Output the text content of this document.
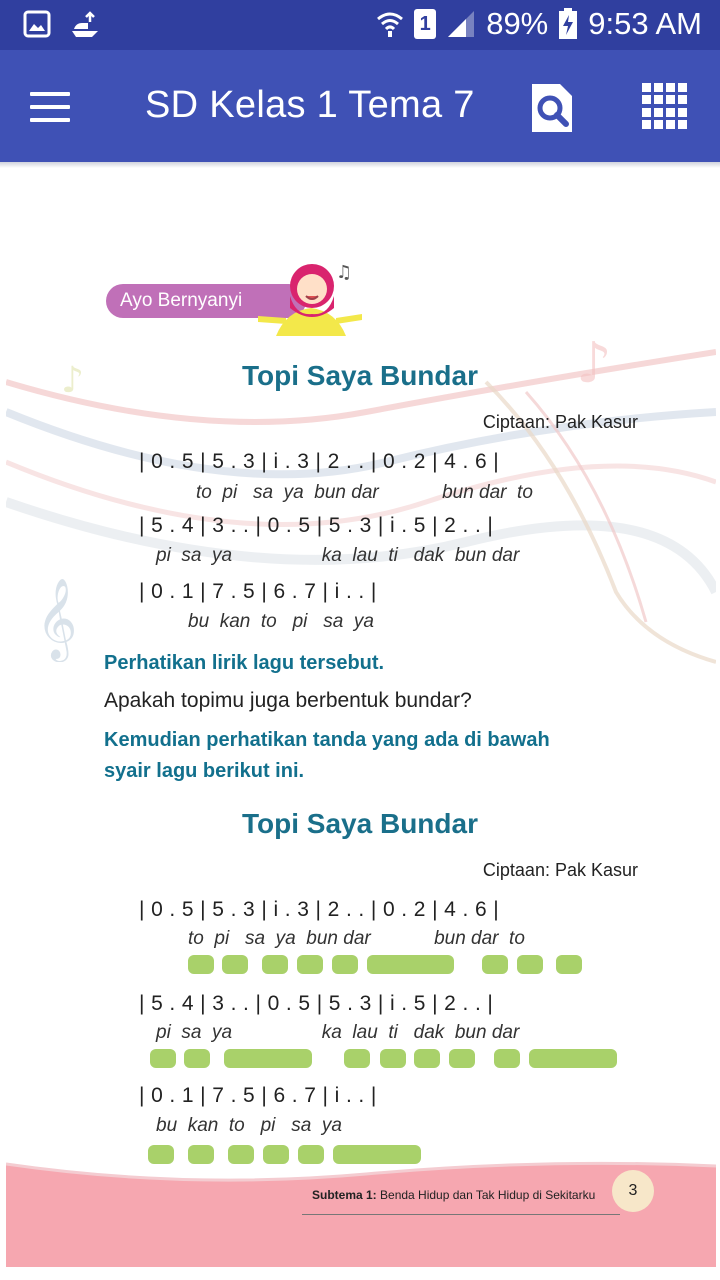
1 89% 9:53 AM
SD Kelas 1 Tema 7
𝄞
♪
♪
Ayo Bernyanyi
♫
Topi Saya Bundar
Ciptaan: Pak Kasur
| 0 . 5 | 5 . 3 | i . 3 | 2 . . | 0 . 2 | 4 . 6 |
to  pi   sa  ya  bun dar            bun dar  to
| 5 . 4 | 3 . . | 0 . 5 | 5 . 3 | i . 5 | 2 . . |
pi  sa  ya                 ka  lau  ti   dak  bun dar
| 0 . 1 | 7 . 5 | 6 . 7 | i . . |
bu  kan  to   pi   sa  ya
Perhatikan lirik lagu tersebut.
Apakah topimu juga berbentuk bundar?
Kemudian perhatikan tanda yang ada di bawah
syair lagu berikut ini.
Topi Saya Bundar
Ciptaan: Pak Kasur
| 0 . 5 | 5 . 3 | i . 3 | 2 . . | 0 . 2 | 4 . 6 |
to  pi   sa  ya  bun dar            bun dar  to
| 5 . 4 | 3 . . | 0 . 5 | 5 . 3 | i . 5 | 2 . . |
pi  sa  ya                 ka  lau  ti   dak  bun dar
| 0 . 1 | 7 . 5 | 6 . 7 | i . . |
bu  kan  to   pi   sa  ya
Subtema 1: Benda Hidup dan Tak Hidup di Sekitarku	3
